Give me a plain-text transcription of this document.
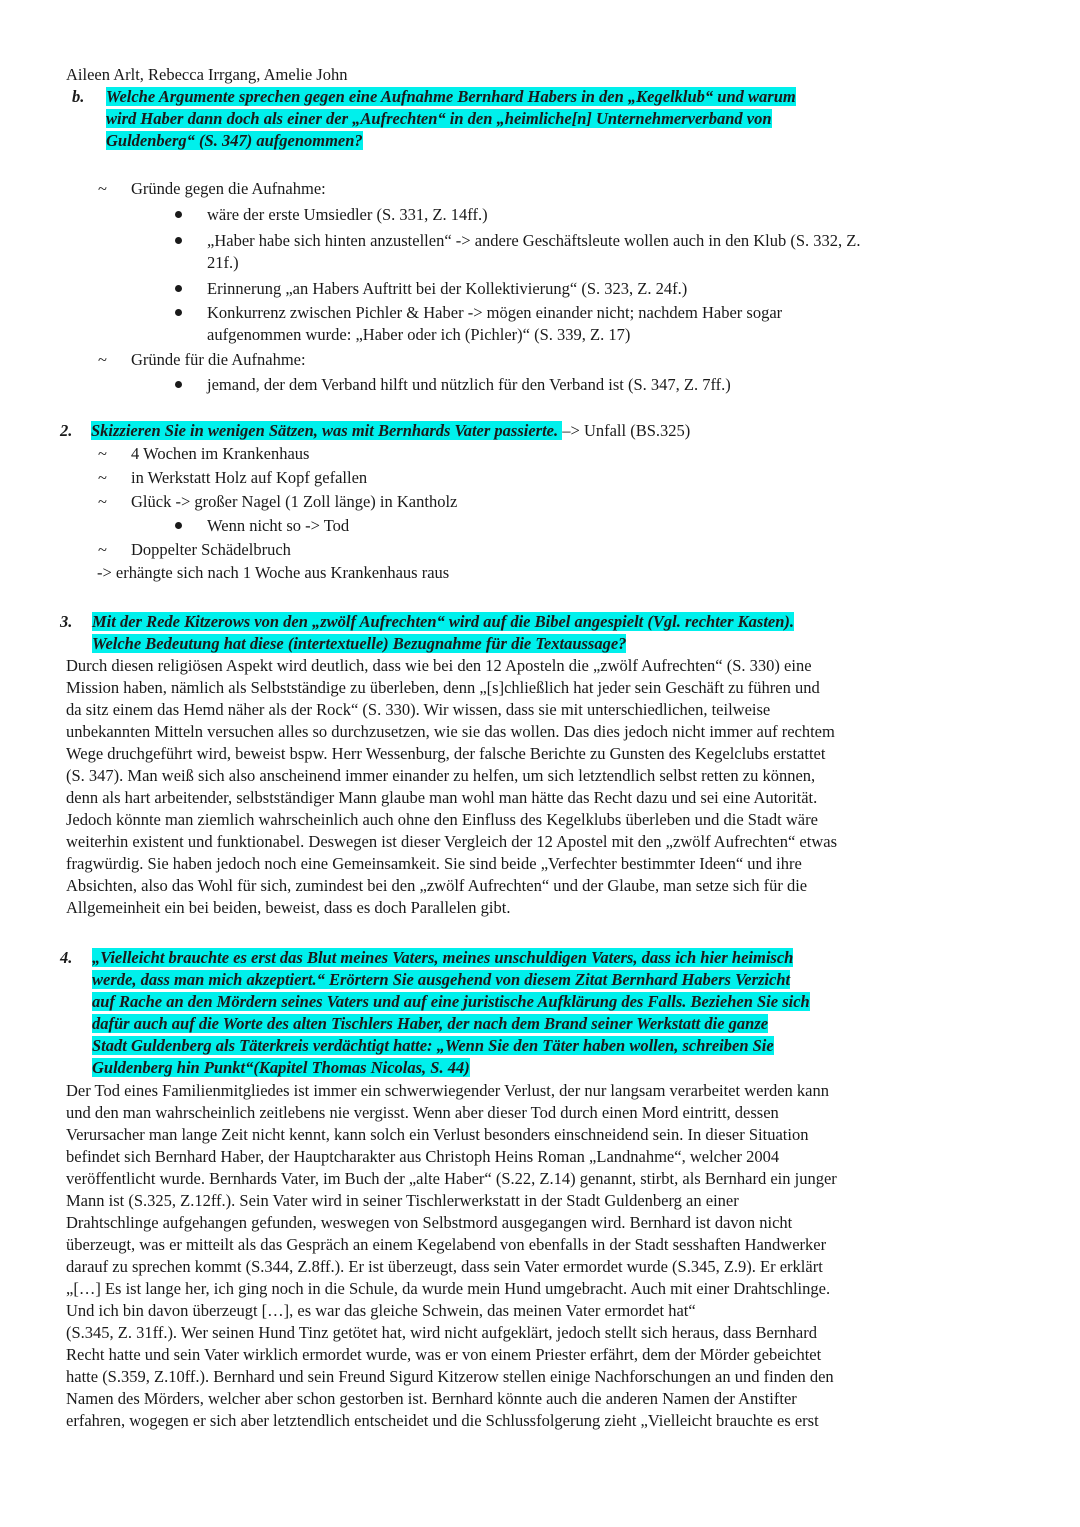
Aileen Arlt, Rebecca Irrgang, Amelie John
b. Welche Argumente sprechen gegen eine Aufnahme Bernhard Habers in den „Kegelklub“ und warum
wird Haber dann doch als einer der „Aufrechten“ in den „heimliche[n] Unternehmerverband von
Guldenberg“ (S. 347) aufgenommen?
~ Gründe gegen die Aufnahme:
wäre der erste Umsiedler (S. 331, Z. 14ff.)
„Haber habe sich hinten anzustellen“ -> andere Geschäftsleute wollen auch in den Klub (S. 332, Z.
21f.)
Erinnerung „an Habers Auftritt bei der Kollektivierung“ (S. 323, Z. 24f.)
Konkurrenz zwischen Pichler & Haber -> mögen einander nicht; nachdem Haber sogar
aufgenommen wurde: „Haber oder ich (Pichler)“ (S. 339, Z. 17)
~ Gründe für die Aufnahme:
jemand, der dem Verband hilft und nützlich für den Verband ist (S. 347, Z. 7ff.)
2. Skizzieren Sie in wenigen Sätzen, was mit Bernhards Vater passierte. –> Unfall (BS.325)
~ 4 Wochen im Krankenhaus
~ in Werkstatt Holz auf Kopf gefallen
~ Glück -> großer Nagel (1 Zoll länge) in Kantholz
Wenn nicht so -> Tod
~ Doppelter Schädelbruch
-> erhängte sich nach 1 Woche aus Krankenhaus raus
3. Mit der Rede Kitzerows von den „zwölf Aufrechten“ wird auf die Bibel angespielt (Vgl. rechter Kasten).
Welche Bedeutung hat diese (intertextuelle) Bezugnahme für die Textaussage?

Durch diesen religiösen Aspekt wird deutlich, dass wie bei den 12 Aposteln die „zwölf Aufrechten“ (S. 330) eine

Mission haben, nämlich als Selbstständige zu überleben, denn „[s]chließlich hat jeder sein Geschäft zu führen und

da sitz einem das Hemd näher als der Rock“ (S. 330). Wir wissen, dass sie mit unterschiedlichen, teilweise

unbekannten Mitteln versuchen alles so durchzusetzen, wie sie das wollen. Das dies jedoch nicht immer auf rechtem

Wege druchgeführt wird, beweist bspw. Herr Wessenburg, der falsche Berichte zu Gunsten des Kegelclubs erstattet

(S. 347). Man weiß sich also anscheinend immer einander zu helfen, um sich letztendlich selbst retten zu können,

denn als hart arbeitender, selbstständiger Mann glaube man wohl man hätte das Recht dazu und sei eine Autorität.

Jedoch könnte man ziemlich wahrscheinlich auch ohne den Einfluss des Kegelklubs überleben und die Stadt wäre

weiterhin existent und funktionabel. Deswegen ist dieser Vergleich der 12 Apostel mit den „zwölf Aufrechten“ etwas

fragwürdig. Sie haben jedoch noch eine Gemeinsamkeit. Sie sind beide „Verfechter bestimmter Ideen“ und ihre

Absichten, also das Wohl für sich, zumindest bei den „zwölf Aufrechten“ und der Glaube, man setze sich für die

Allgemeinheit ein bei beiden, beweist, dass es doch Parallelen gibt.

4. „Vielleicht brauchte es erst das Blut meines Vaters, meines unschuldigen Vaters, dass ich hier heimisch
werde, dass man mich akzeptiert.“ Erörtern Sie ausgehend von diesem Zitat Bernhard Habers Verzicht
auf Rache an den Mördern seines Vaters und auf eine juristische Aufklärung des Falls. Beziehen Sie sich
dafür auch auf die Worte des alten Tischlers Haber, der nach dem Brand seiner Werkstatt die ganze
Stadt Guldenberg als Täterkreis verdächtigt hatte: „Wenn Sie den Täter haben wollen, schreiben Sie
Guldenberg hin Punkt“(Kapitel Thomas Nicolas, S. 44)

Der Tod eines Familienmitgliedes ist immer ein schwerwiegender Verlust, der nur langsam verarbeitet werden kann

und den man wahrscheinlich zeitlebens nie vergisst. Wenn aber dieser Tod durch einen Mord eintritt, dessen

Verursacher man lange Zeit nicht kennt, kann solch ein Verlust besonders einschneidend sein. In dieser Situation

befindet sich Bernhard Haber, der Hauptcharakter aus Christoph Heins Roman „Landnahme“, welcher 2004

veröffentlicht wurde. Bernhards Vater, im Buch der „alte Haber“ (S.22, Z.14) genannt, stirbt, als Bernhard ein junger

Mann ist (S.325, Z.12ff.). Sein Vater wird in seiner Tischlerwerkstatt in der Stadt Guldenberg an einer

Drahtschlinge aufgehangen gefunden, weswegen von Selbstmord ausgegangen wird. Bernhard ist davon nicht

überzeugt, was er mitteilt als das Gespräch an einem Kegelabend von ebenfalls in der Stadt sesshaften Handwerker

darauf zu sprechen kommt (S.344, Z.8ff.). Er ist überzeugt, dass sein Vater ermordet wurde (S.345, Z.9). Er erklärt

„[…] Es ist lange her, ich ging noch in die Schule, da wurde mein Hund umgebracht. Auch mit einer Drahtschlinge.

Und ich bin davon überzeugt […], es war das gleiche Schwein, das meinen Vater ermordet hat“

(S.345, Z. 31ff.). Wer seinen Hund Tinz getötet hat, wird nicht aufgeklärt, jedoch stellt sich heraus, dass Bernhard

Recht hatte und sein Vater wirklich ermordet wurde, was er von einem Priester erfährt, dem der Mörder gebeichtet

hatte (S.359, Z.10ff.). Bernhard und sein Freund Sigurd Kitzerow stellen einige Nachforschungen an und finden den

Namen des Mörders, welcher aber schon gestorben ist. Bernhard könnte auch die anderen Namen der Anstifter

erfahren, wogegen er sich aber letztendlich entscheidet und die Schlussfolgerung zieht „Vielleicht brauchte es erst
